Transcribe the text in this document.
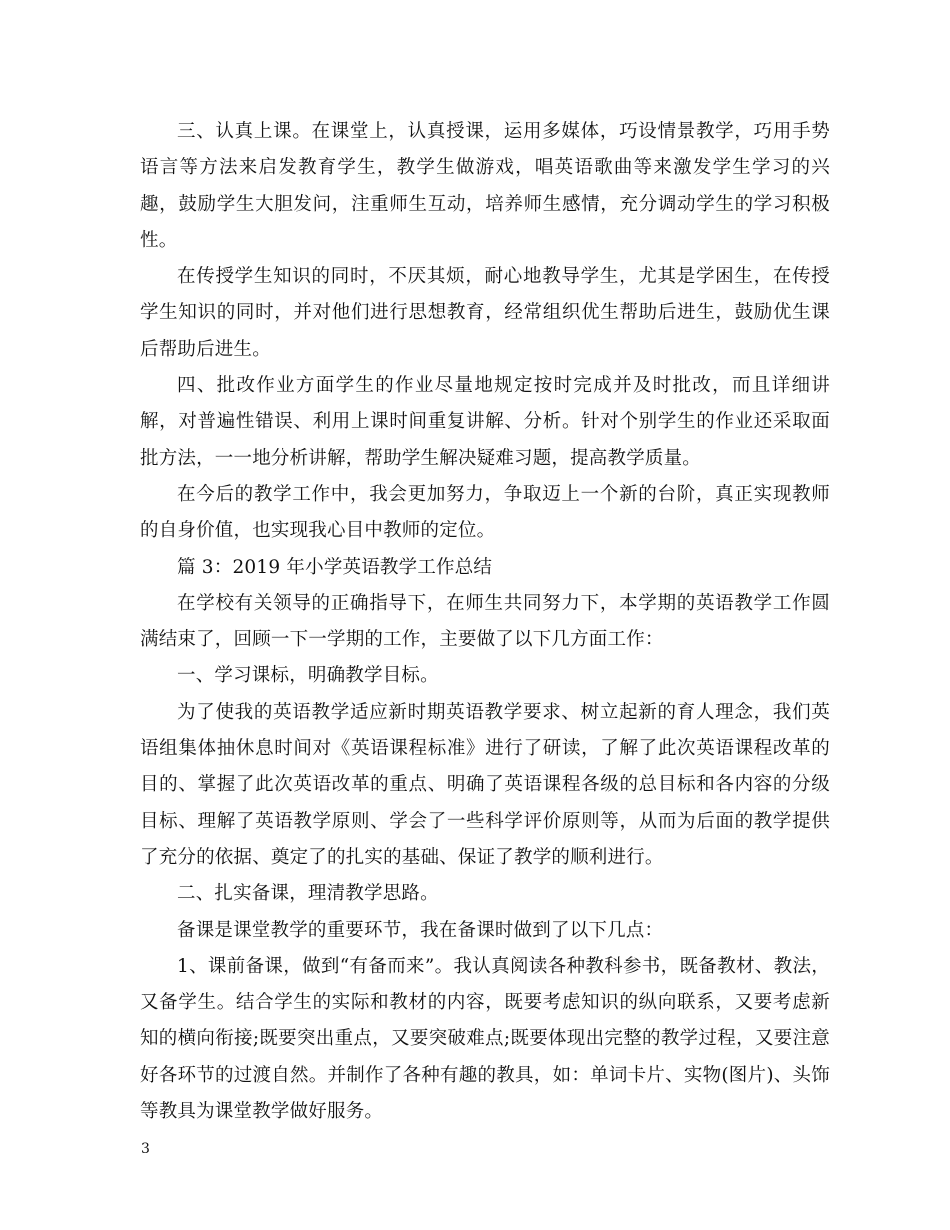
三、认真上课。在课堂上，认真授课，运用多媒体，巧设情景教学，巧用手势语言等方法来启发教育学生，教学生做游戏，唱英语歌曲等来激发学生学习的兴趣，鼓励学生大胆发问，注重师生互动，培养师生感情，充分调动学生的学习积极性。

在传授学生知识的同时，不厌其烦，耐心地教导学生，尤其是学困生，在传授学生知识的同时，并对他们进行思想教育，经常组织优生帮助后进生，鼓励优生课后帮助后进生。

四、批改作业方面学生的作业尽量地规定按时完成并及时批改，而且详细讲解，对普遍性错误、利用上课时间重复讲解、分析。针对个别学生的作业还采取面批方法，一一地分析讲解，帮助学生解决疑难习题，提高教学质量。

在今后的教学工作中，我会更加努力，争取迈上一个新的台阶，真正实现教师的自身价值，也实现我心目中教师的定位。

篇 3：2019 年小学英语教学工作总结

在学校有关领导的正确指导下，在师生共同努力下，本学期的英语教学工作圆满结束了，回顾一下一学期的工作，主要做了以下几方面工作：

一、学习课标，明确教学目标。

为了使我的英语教学适应新时期英语教学要求、树立起新的育人理念，我们英语组集体抽休息时间对《英语课程标准》进行了研读，了解了此次英语课程改革的目的、掌握了此次英语改革的重点、明确了英语课程各级的总目标和各内容的分级目标、理解了英语教学原则、学会了一些科学评价原则等，从而为后面的教学提供了充分的依据、奠定了的扎实的基础、保证了教学的顺利进行。

二、扎实备课，理清教学思路。

备课是课堂教学的重要环节，我在备课时做到了以下几点：

1、课前备课，做到“有备而来”。我认真阅读各种教科参书，既备教材、教法，又备学生。结合学生的实际和教材的内容，既要考虑知识的纵向联系，又要考虑新知的横向衔接;既要突出重点，又要突破难点;既要体现出完整的教学过程，又要注意好各环节的过渡自然。并制作了各种有趣的教具，如：单词卡片、实物(图片)、头饰等教具为课堂教学做好服务。

3
